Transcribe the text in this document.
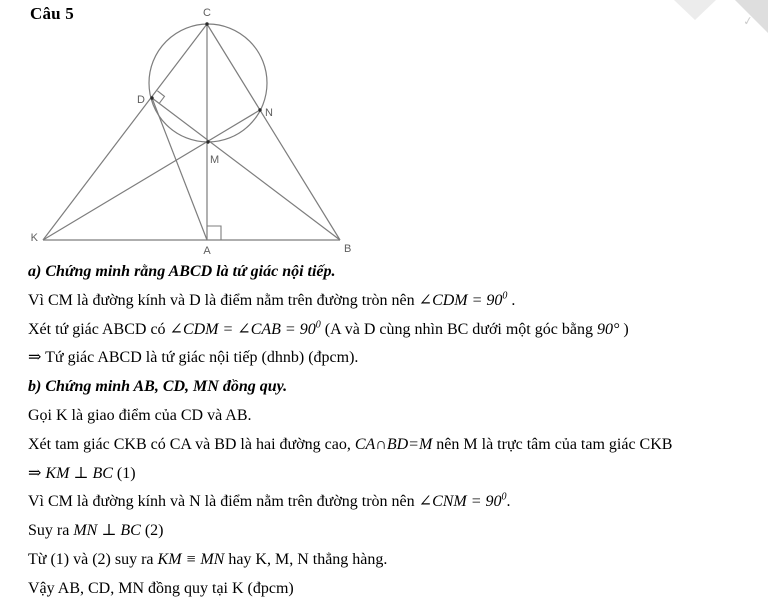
✓
Câu 5	C
D
N
M
K
A	B

a) Chứng minh rằng ABCD là tứ giác nội tiếp.

Vì CM là đường kính và D là điểm nằm trên đường tròn nên ∠CDM = $90^0$ .

Xét tứ giác ABCD có ∠CDM = ∠CAB = $90^0$ (A và D cùng nhìn BC dưới một góc bằng 90° )

⇒ Tứ giác ABCD là tứ giác nội tiếp (dhnb) (đpcm).

b) Chứng minh AB, CD, MN đồng quy.

Gọi K là giao điểm của CD và AB.

Xét tam giác CKB có CA và BD là hai đường cao, CA∩BD=M nên M là trực tâm của tam giác CKB

⇒ KM ⊥ BC (1)

Vì CM là đường kính và N là điểm nằm trên đường tròn nên ∠CNM = $90^0$.

Suy ra MN ⊥ BC (2)

Từ (1) và (2) suy ra KM ≡ MN hay K, M, N thẳng hàng.

Vậy AB, CD, MN đồng quy tại K (đpcm)
